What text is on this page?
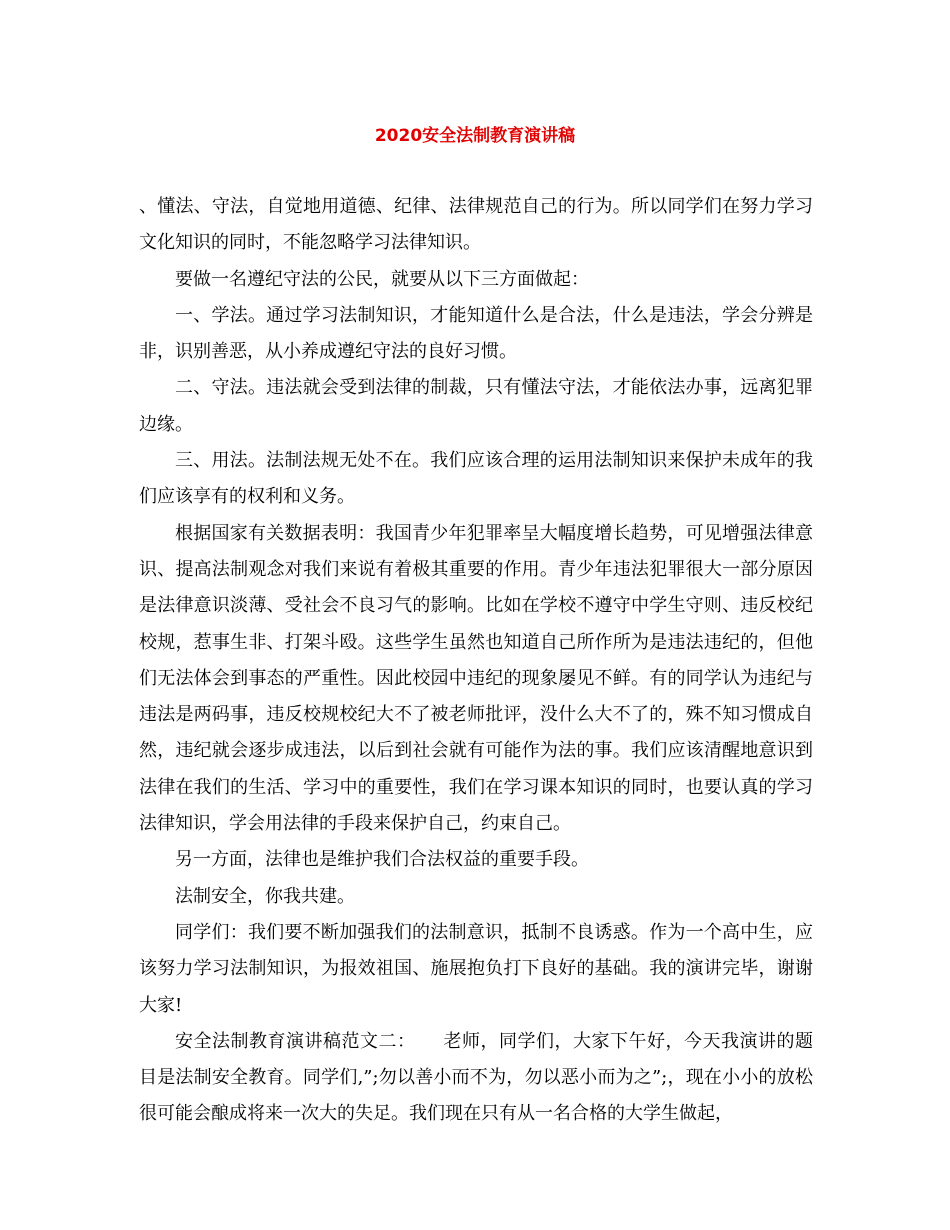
2020安全法制教育演讲稿

、懂法、守法，自觉地用道德、纪律、法律规范自己的行为。所以同学们在努力学习文化知识的同时，不能忽略学习法律知识。

要做一名遵纪守法的公民，就要从以下三方面做起：

一、学法。通过学习法制知识，才能知道什么是合法，什么是违法，学会分辨是非，识别善恶，从小养成遵纪守法的良好习惯。

二、守法。违法就会受到法律的制裁，只有懂法守法，才能依法办事，远离犯罪边缘。

三、用法。法制法规无处不在。我们应该合理的运用法制知识来保护未成年的我们应该享有的权利和义务。

根据国家有关数据表明：我国青少年犯罪率呈大幅度增长趋势，可见增强法律意识、提高法制观念对我们来说有着极其重要的作用。青少年违法犯罪很大一部分原因是法律意识淡薄、受社会不良习气的影响。比如在学校不遵守中学生守则、违反校纪校规，惹事生非、打架斗殴。这些学生虽然也知道自己所作所为是违法违纪的，但他们无法体会到事态的严重性。因此校园中违纪的现象屡见不鲜。有的同学认为违纪与违法是两码事，违反校规校纪大不了被老师批评，没什么大不了的，殊不知习惯成自然，违纪就会逐步成违法，以后到社会就有可能作为法的事。我们应该清醒地意识到法律在我们的生活、学习中的重要性，我们在学习课本知识的同时，也要认真的学习法律知识，学会用法律的手段来保护自己，约束自己。

另一方面，法律也是维护我们合法权益的重要手段。

法制安全，你我共建。

同学们：我们要不断加强我们的法制意识，抵制不良诱惑。作为一个高中生，应该努力学习法制知识，为报效祖国、施展抱负打下良好的基础。我的演讲完毕，谢谢大家!

安全法制教育演讲稿范文二：　　老师，同学们，大家下午好，今天我演讲的题目是法制安全教育。同学们,”;勿以善小而不为，勿以恶小而为之”;，现在小小的放松很可能会酿成将来一次大的失足。我们现在只有从一名合格的大学生做起，
